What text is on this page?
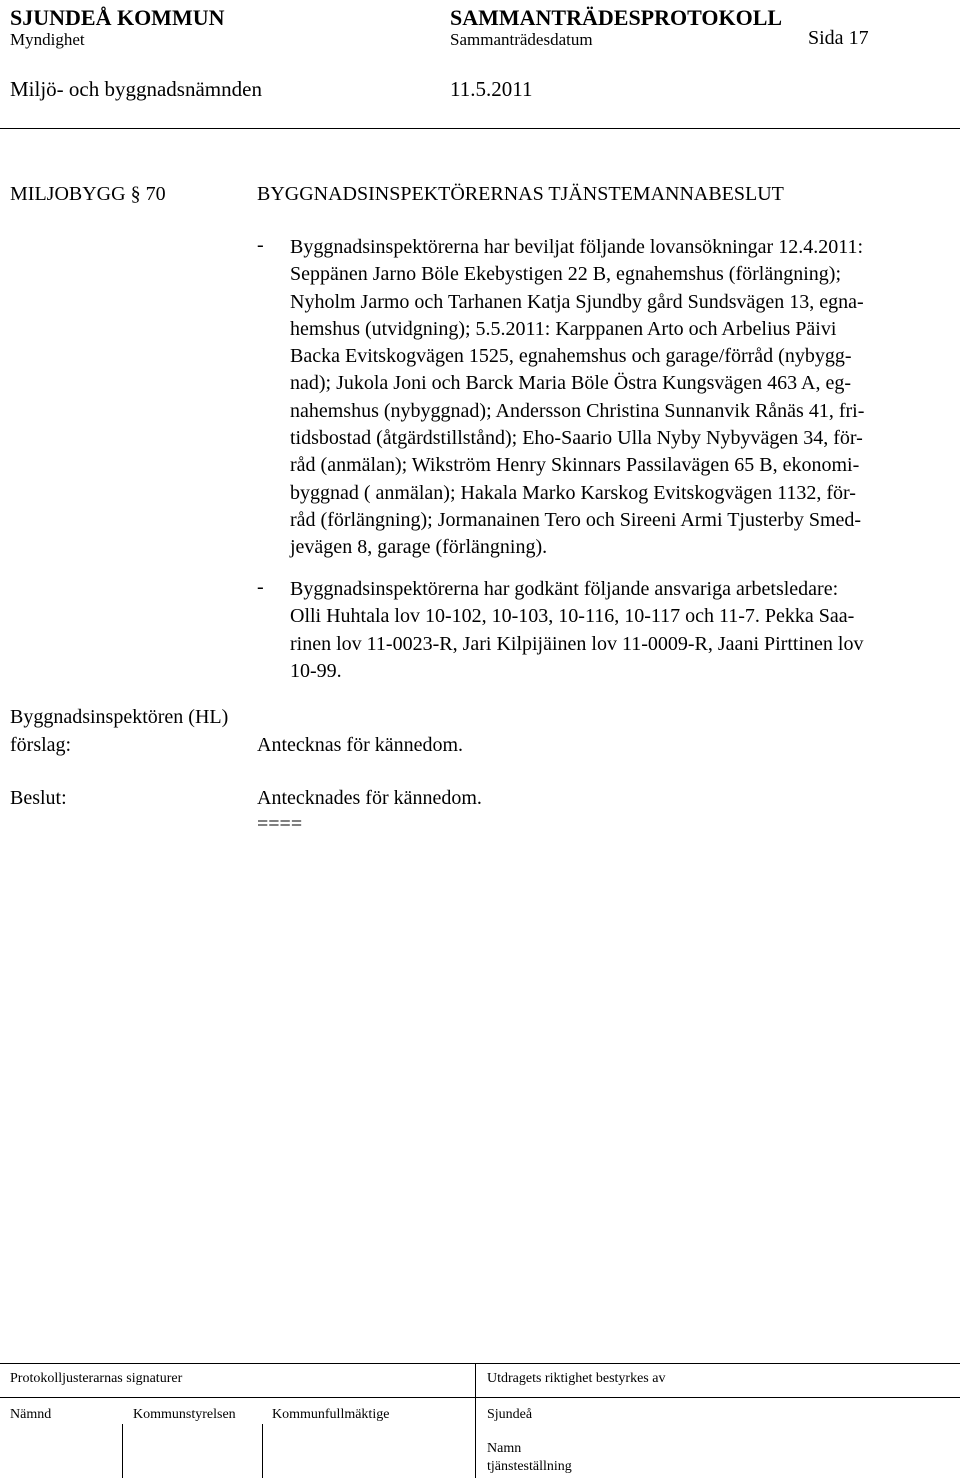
SJUNDEÅ KOMMUN	SAMMANTRÄDESPROTOKOLL
Myndighet	Sammanträdesdatum	Sida 17
Miljö- och byggnadsnämnden	11.5.2011
MILJOBYGG § 70	BYGGNADSINSPEKTÖRERNAS TJÄNSTEMANNABESLUT
- Byggnadsinspektörerna har beviljat följande lovansökningar 12.4.2011:
Seppänen Jarno Böle Ekebystigen 22 B, egnahemshus (förlängning);
Nyholm Jarmo och Tarhanen Katja Sjundby gård Sundsvägen 13, egna-
hemshus (utvidgning); 5.5.2011: Karppanen Arto och Arbelius Päivi
Backa Evitskogvägen 1525, egnahemshus och garage/förråd (nybygg-
nad); Jukola Joni och Barck Maria Böle Östra Kungsvägen 463 A, eg-
nahemshus (nybyggnad); Andersson Christina Sunnanvik Rånäs 41, fri-
tidsbostad (åtgärdstillstånd); Eho-Saario Ulla Nyby Nybyvägen 34, för-
råd (anmälan); Wikström Henry Skinnars Passilavägen 65 B, ekonomi-
byggnad ( anmälan); Hakala Marko Karskog Evitskogvägen 1132, för-
råd (förlängning); Jormanainen Tero och Sireeni Armi Tjusterby Smed-
jevägen 8, garage (förlängning).
- Byggnadsinspektörerna har godkänt följande ansvariga arbetsledare:
Olli Huhtala lov 10-102, 10-103, 10-116, 10-117 och 11-7. Pekka Saa-
rinen lov 11-0023-R, Jari Kilpijäinen lov 11-0009-R, Jaani Pirttinen lov
10-99.
Byggnadsinspektören (HL)
förslag:	Antecknas för kännedom.
Beslut:	Antecknades för kännedom.
====
Protokolljusterarnas signaturer	Utdragets riktighet bestyrkes av
Nämnd	Kommunstyrelsen	Kommunfullmäktige	Sjundeå
Namn
tjänsteställning
